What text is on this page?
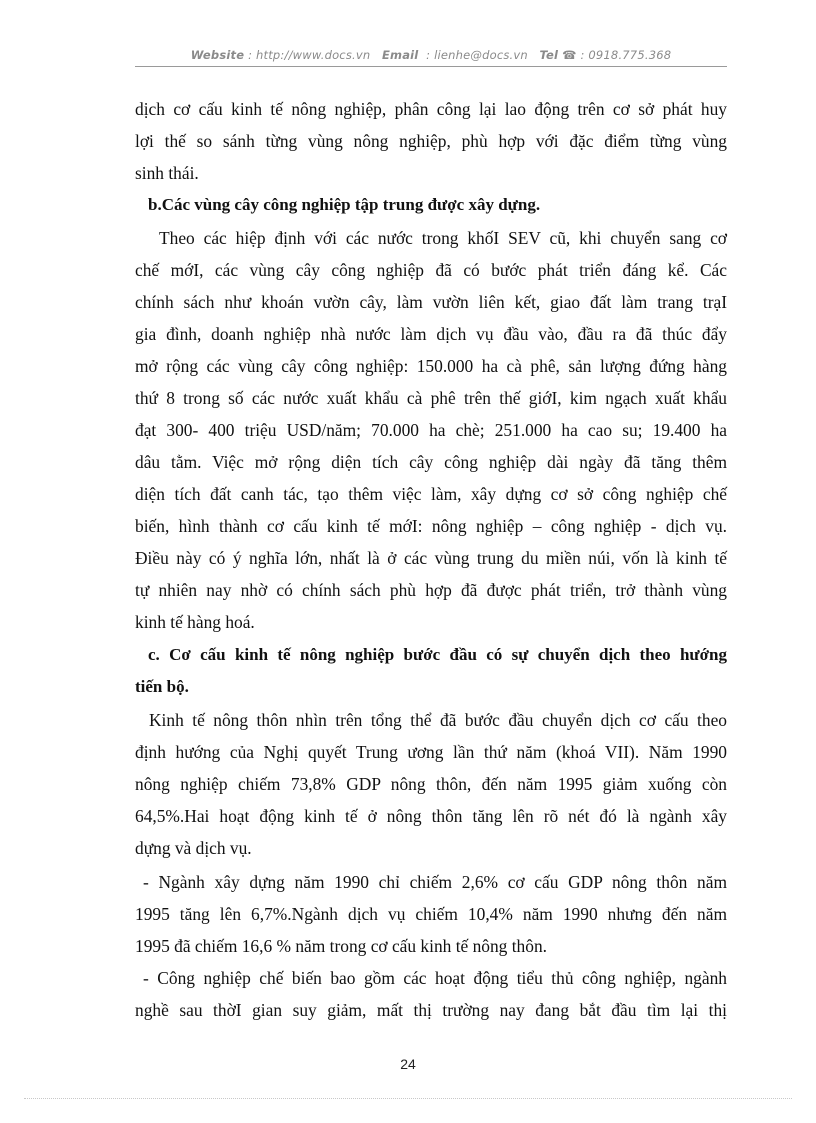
Website : http://www.docs.vn Email : lienhe@docs.vn Tel ☎ : 0918.775.368
dịch cơ cấu kinh tế nông nghiệp, phân công lại lao động trên cơ sở phát huy
lợi thế so sánh từng vùng nông nghiệp, phù hợp với đặc điểm từng vùng
sinh thái.
b.Các vùng cây công nghiệp tập trung được xây dựng.
Theo các hiệp định với các nước trong khốI SEV cũ, khi chuyển sang cơ
chế mớI, các vùng cây công nghiệp đã có bước phát triển đáng kể. Các
chính sách như khoán vườn cây, làm vườn liên kết, giao đất làm trang trạI
gia đình, doanh nghiệp nhà nước làm dịch vụ đầu vào, đầu ra đã thúc đẩy
mở rộng các vùng cây công nghiệp: 150.000 ha cà phê, sản lượng đứng hàng
thứ 8 trong số các nước xuất khẩu cà phê trên thế giớI, kim ngạch xuất khẩu
đạt 300- 400 triệu USD/năm; 70.000 ha chè; 251.000 ha cao su; 19.400 ha
dâu tằm. Việc mở rộng diện tích cây công nghiệp dài ngày đã tăng thêm
diện tích đất canh tác, tạo thêm việc làm, xây dựng cơ sở công nghiệp chế
biến, hình thành cơ cấu kinh tế mớI: nông nghiệp – công nghiệp - dịch vụ.
Điều này có ý nghĩa lớn, nhất là ở các vùng trung du miền núi, vốn là kinh tế
tự nhiên nay nhờ có chính sách phù hợp đã được phát triển, trở thành vùng
kinh tế hàng hoá.
c. Cơ cấu kinh tế nông nghiệp bước đầu có sự chuyển dịch theo hướng
tiến bộ.
Kinh tế nông thôn nhìn trên tổng thể đã bước đầu chuyển dịch cơ cấu theo
định hướng của Nghị quyết Trung ương lần thứ năm (khoá VII). Năm 1990
nông nghiệp chiếm 73,8% GDP nông thôn, đến năm 1995 giảm xuống còn
64,5%.Hai hoạt động kinh tế ở nông thôn tăng lên rõ nét đó là ngành xây
dựng và dịch vụ.
- Ngành xây dựng năm 1990 chỉ chiếm 2,6% cơ cấu GDP nông thôn năm
1995 tăng lên 6,7%.Ngành dịch vụ chiếm 10,4% năm 1990 nhưng đến năm
1995 đã chiếm 16,6 % năm trong cơ cấu kinh tế nông thôn.
- Công nghiệp chế biến bao gồm các hoạt động tiểu thủ công nghiệp, ngành
nghề sau thờI gian suy giảm, mất thị trường nay đang bắt đầu tìm lại thị
24
